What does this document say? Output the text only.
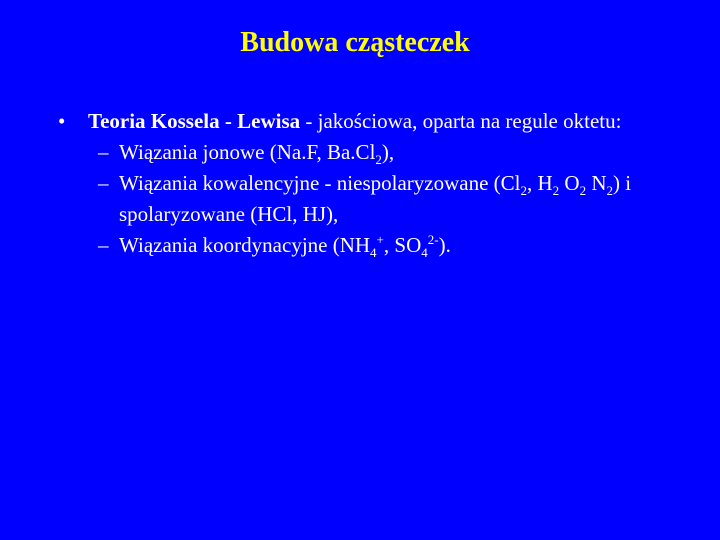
Budowa cząsteczek
•	Teoria Kossela - Lewisa - jakościowa, oparta na regule oktetu:
– Wiązania jonowe (Na.F, $Ba.Cl_2$),
– Wiązania kowalencyjne - niespolaryzowane ($Cl_2$, $H_2$ $O_2$ $N_2$) i spolaryzowane (HCl, HJ),
– Wiązania koordynacyjne ($NH_4^+$, $SO_4^{2-}$).
